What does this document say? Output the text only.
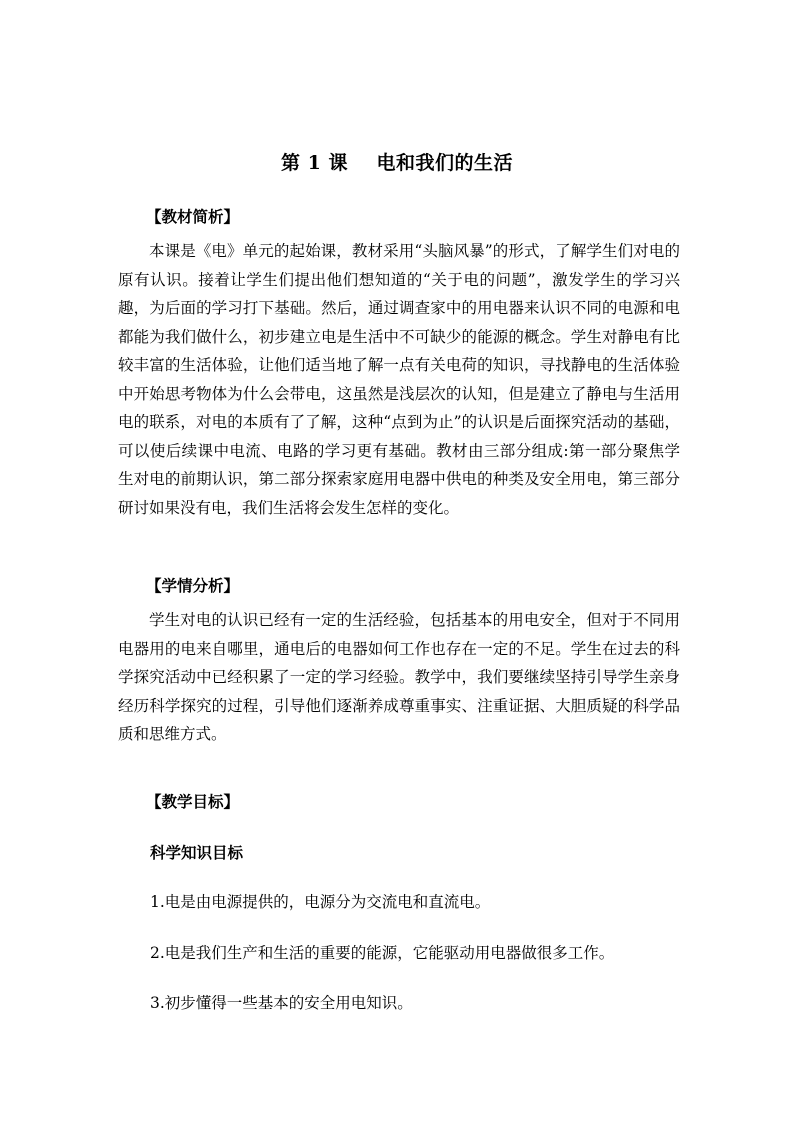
第 1 课    电和我们的生活
【教材简析】

本课是《电》单元的起始课，教材采用“头脑风暴”的形式，了解学生们对电的原有认识。接着让学生们提出他们想知道的“关于电的问题”，激发学生的学习兴趣，为后面的学习打下基础。然后，通过调查家中的用电器来认识不同的电源和电都能为我们做什么，初步建立电是生活中不可缺少的能源的概念。学生对静电有比较丰富的生活体验，让他们适当地了解一点有关电荷的知识，寻找静电的生活体验中开始思考物体为什么会带电，这虽然是浅层次的认知，但是建立了静电与生活用电的联系，对电的本质有了了解，这种“点到为止”的认识是后面探究活动的基础，可以使后续课中电流、电路的学习更有基础。教材由三部分组成:第一部分聚焦学生对电的前期认识，第二部分探索家庭用电器中供电的种类及安全用电，第三部分研讨如果没有电，我们生活将会发生怎样的变化。

【学情分析】

学生对电的认识已经有一定的生活经验，包括基本的用电安全，但对于不同用电器用的电来自哪里，通电后的电器如何工作也存在一定的不足。学生在过去的科学探究活动中已经积累了一定的学习经验。教学中，我们要继续坚持引导学生亲身经历科学探究的过程，引导他们逐渐养成尊重事实、注重证据、大胆质疑的科学品质和思维方式。

【教学目标】
科学知识目标
1.电是由电源提供的，电源分为交流电和直流电。
2.电是我们生产和生活的重要的能源，它能驱动用电器做很多工作。
3.初步懂得一些基本的安全用电知识。
